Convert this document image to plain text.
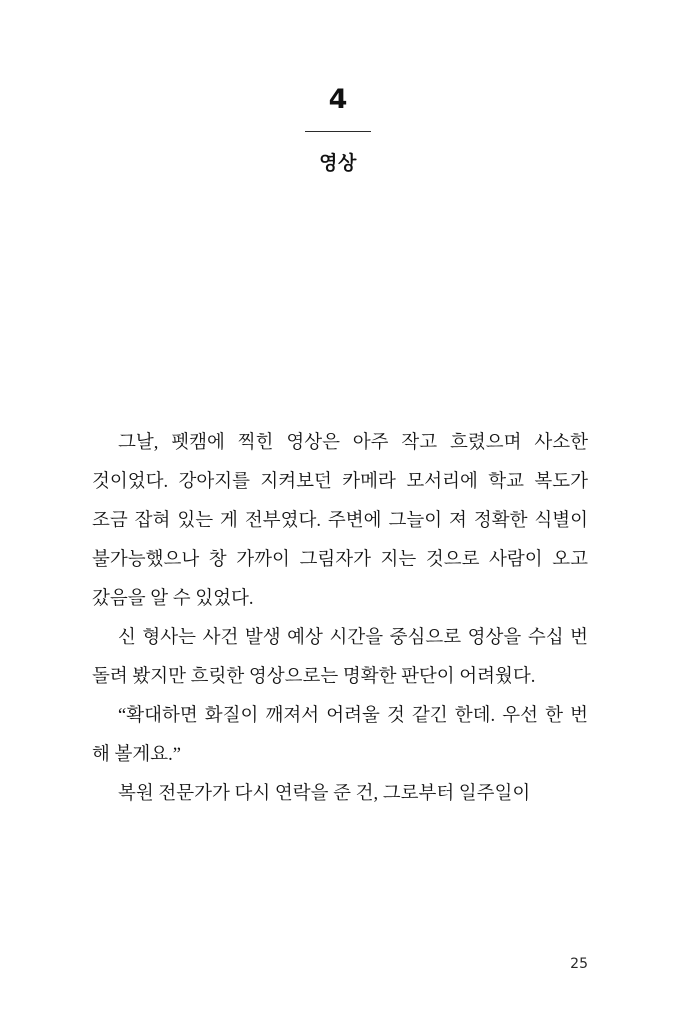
4
영상

그날, 펫캠에 찍힌 영상은 아주 작고 흐렸으며 사소한 것이었다. 강아지를 지켜보던 카메라 모서리에 학교 복도가 조금 잡혀 있는 게 전부였다. 주변에 그늘이 져 정확한 식별이 불가능했으나 창 가까이 그림자가 지는 것으로 사람이 오고 갔음을 알 수 있었다.

신 형사는 사건 발생 예상 시간을 중심으로 영상을 수십 번 돌려 봤지만 흐릿한 영상으로는 명확한 판단이 어려웠다.

“확대하면 화질이 깨져서 어려울 것 같긴 한데. 우선 한 번 해 볼게요.”

복원 전문가가 다시 연락을 준 건, 그로부터 일주일이

25
